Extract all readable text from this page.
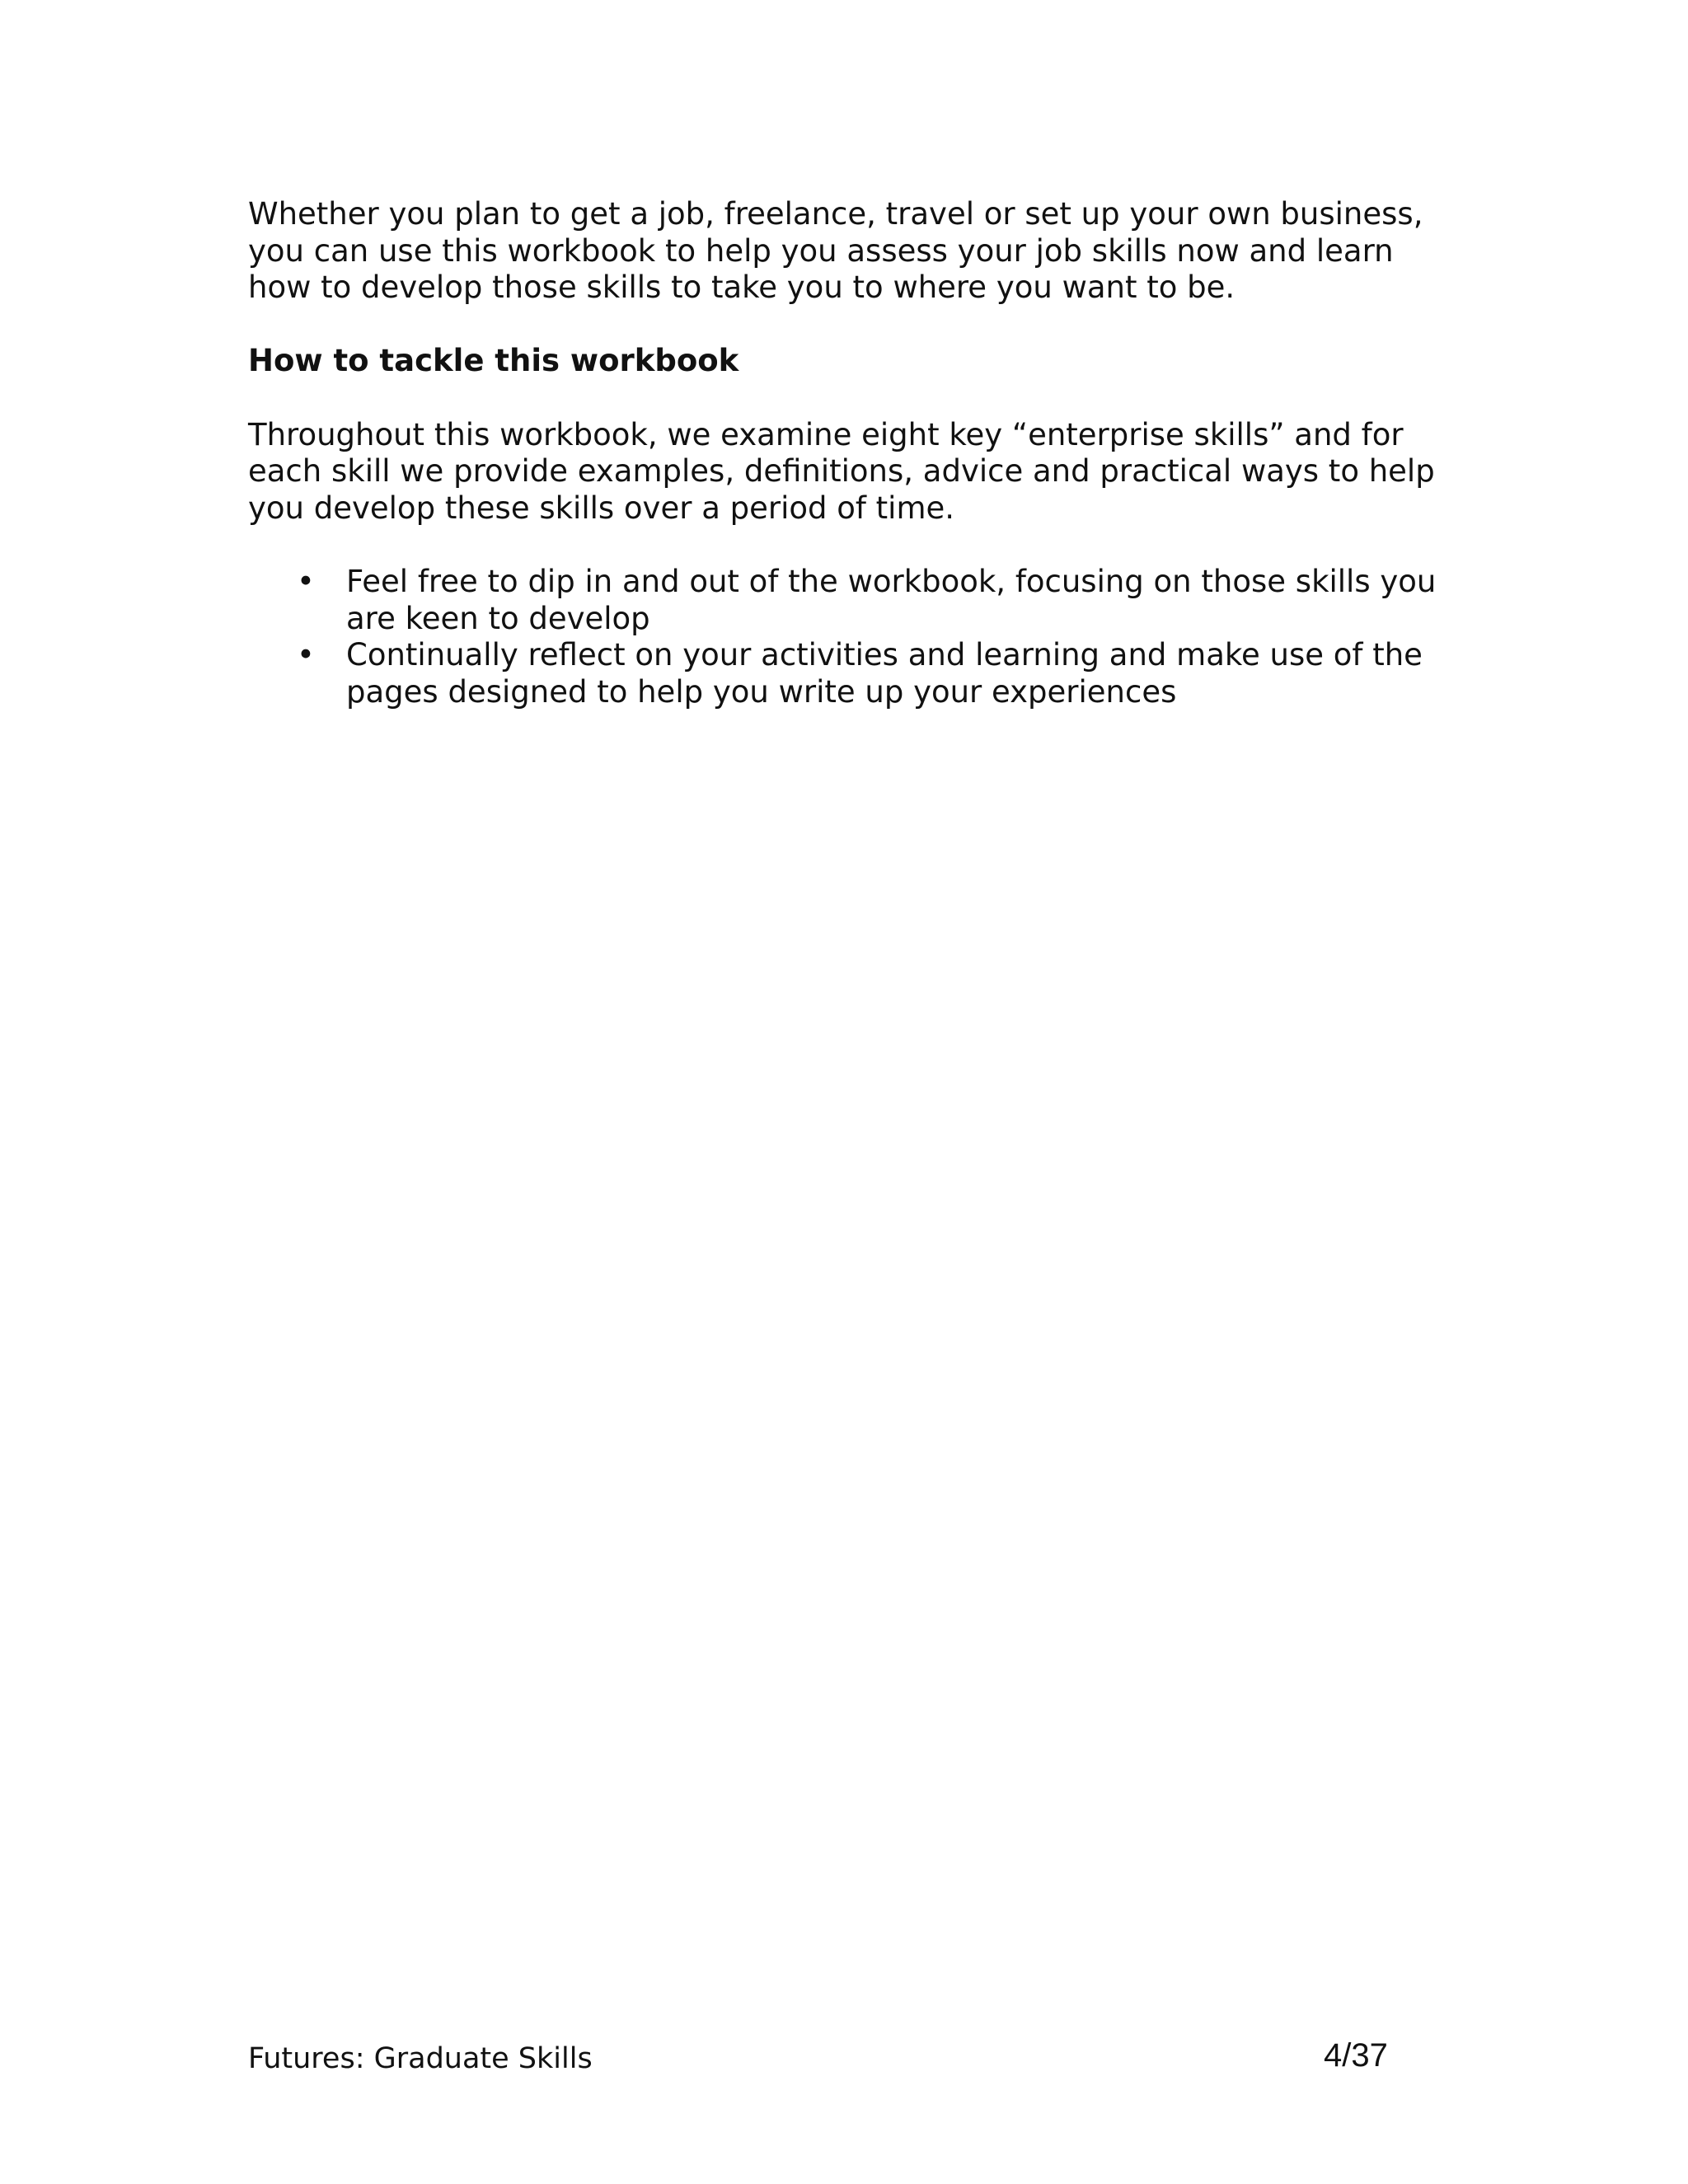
Whether you plan to get a job, freelance, travel or set up your own business, you can use this workbook to help you assess your job skills now and learn how to develop those skills to take you to where you want to be.

How to tackle this workbook

Throughout this workbook, we examine eight key “enterprise skills” and for each skill we provide examples, definitions, advice and practical ways to help you develop these skills over a period of time.

• Feel free to dip in and out of the workbook, focusing on those skills you are keen to develop
• Continually reflect on your activities and learning and make use of the pages designed to help you write up your experiences
Futures: Graduate Skills	4/37
